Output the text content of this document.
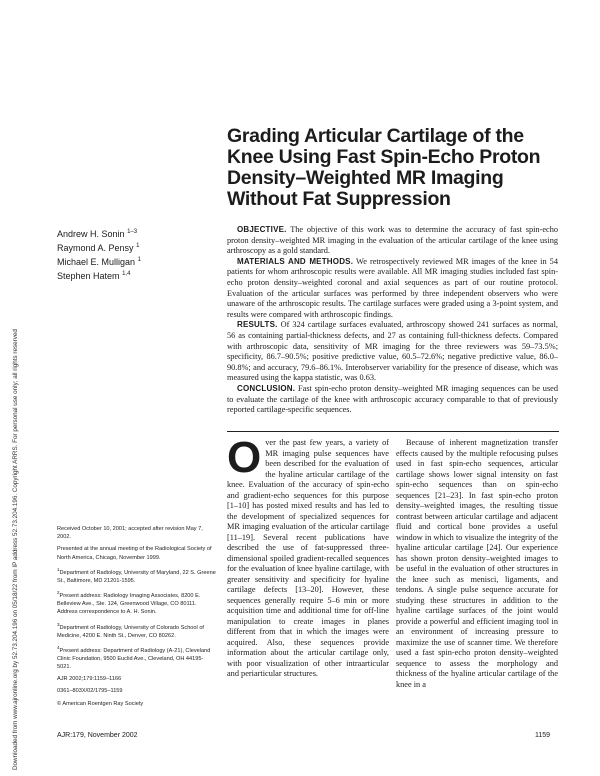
Downloaded from www.ajronline.org by 52.73.204.196 on 05/18/22 from IP address 52.73.204.196. Copyright ARRS. For personal use only; all rights reserved
Grading Articular Cartilage of the Knee Using Fast Spin-Echo Proton Density–Weighted MR Imaging Without Fat Suppression
Andrew H. Sonin $^{1-3}$
Raymond A. Pensy $^1$
Michael E. Mulligan $^1$
Stephen Hatem $^{1,4}$

OBJECTIVE. The objective of this work was to determine the accuracy of fast spin-echo proton density–weighted MR imaging in the evaluation of the articular cartilage of the knee using arthroscopy as a gold standard.

MATERIALS AND METHODS. We retrospectively reviewed MR images of the knee in 54 patients for whom arthroscopic results were available. All MR imaging studies included fast spin-echo proton density–weighted coronal and axial sequences as part of our routine protocol. Evaluation of the articular surfaces was performed by three independent observers who were unaware of the arthroscopic results. The cartilage surfaces were graded using a 3-point system, and results were compared with arthroscopic findings.

RESULTS. Of 324 cartilage surfaces evaluated, arthroscopy showed 241 surfaces as normal, 56 as containing partial-thickness defects, and 27 as containing full-thickness defects. Compared with arthroscopic data, sensitivity of MR imaging for the three reviewers was 59–73.5%; specificity, 86.7–90.5%; positive predictive value, 60.5–72.6%; negative predictive value, 86.0–90.8%; and accuracy, 79.6–86.1%. Interobserver variability for the presence of disease, which was measured using the kappa statistic, was 0.63.

CONCLUSION. Fast spin-echo proton density–weighted MR imaging sequences can be used to evaluate the cartilage of the knee with arthroscopic accuracy comparable to that of previously reported cartilage-specific sequences.

Over the past few years, a variety of MR imaging pulse sequences have been described for the evaluation of the hyaline articular cartilage of the knee. Evaluation of the accuracy of spin-echo and gradient-echo sequences for this purpose [1–10] has posted mixed results and has led to the development of specialized sequences for MR imaging evaluation of the articular cartilage [11–19]. Several recent publications have described the use of fat-suppressed three-dimensional spoiled gradient-recalled sequences for the evaluation of knee hyaline cartilage, with greater sensitivity and specificity for hyaline cartilage defects [13–20]. However, these sequences generally require 5–6 min or more acquisition time and additional time for off-line manipulation to create images in planes different from that in which the images were acquired. Also, these sequences provide information about the articular cartilage only, with poor visualization of other intraarticular and periarticular structures.

Because of inherent magnetization transfer effects caused by the multiple refocusing pulses used in fast spin-echo sequences, articular cartilage shows lower signal intensity on fast spin-echo sequences than on spin-echo sequences [21–23]. In fast spin-echo proton density–weighted images, the resulting tissue contrast between articular cartilage and adjacent fluid and cortical bone provides a useful window in which to visualize the integrity of the hyaline articular cartilage [24]. Our experience has shown proton density–weighted images to be useful in the evaluation of other structures in the knee such as menisci, ligaments, and tendons. A single pulse sequence accurate for studying these structures in addition to the hyaline cartilage surfaces of the joint would provide a powerful and efficient imaging tool in an environment of increasing pressure to maximize the use of scanner time. We therefore used a fast spin-echo proton density–weighted sequence to assess the morphology and thickness of the hyaline articular cartilage of the knee in a

Received October 10, 2001; accepted after revision May 7, 2002.

Presented at the annual meeting of the Radiological Society of North America, Chicago, November 1999.

$^1$Department of Radiology, University of Maryland, 22 S. Greene St., Baltimore, MD 21201-1595.

$^2$Present address: Radiology Imaging Associates, 8200 E. Belleview Ave., Ste. 124, Greenwood Village, CO 80111. Address correspondence to A. H. Sonin.

$^3$Department of Radiology, University of Colorado School of Medicine, 4200 E. Ninth St., Denver, CO 80262.

$^4$Present address: Department of Radiology (A-21), Cleveland Clinic Foundation, 9500 Euclid Ave., Cleveland, OH 44195-5021.

AJR 2002;179:1159–1166

0361–803X/02/1795–1159

© American Roentgen Ray Society

AJR:179, November 2002	1159
